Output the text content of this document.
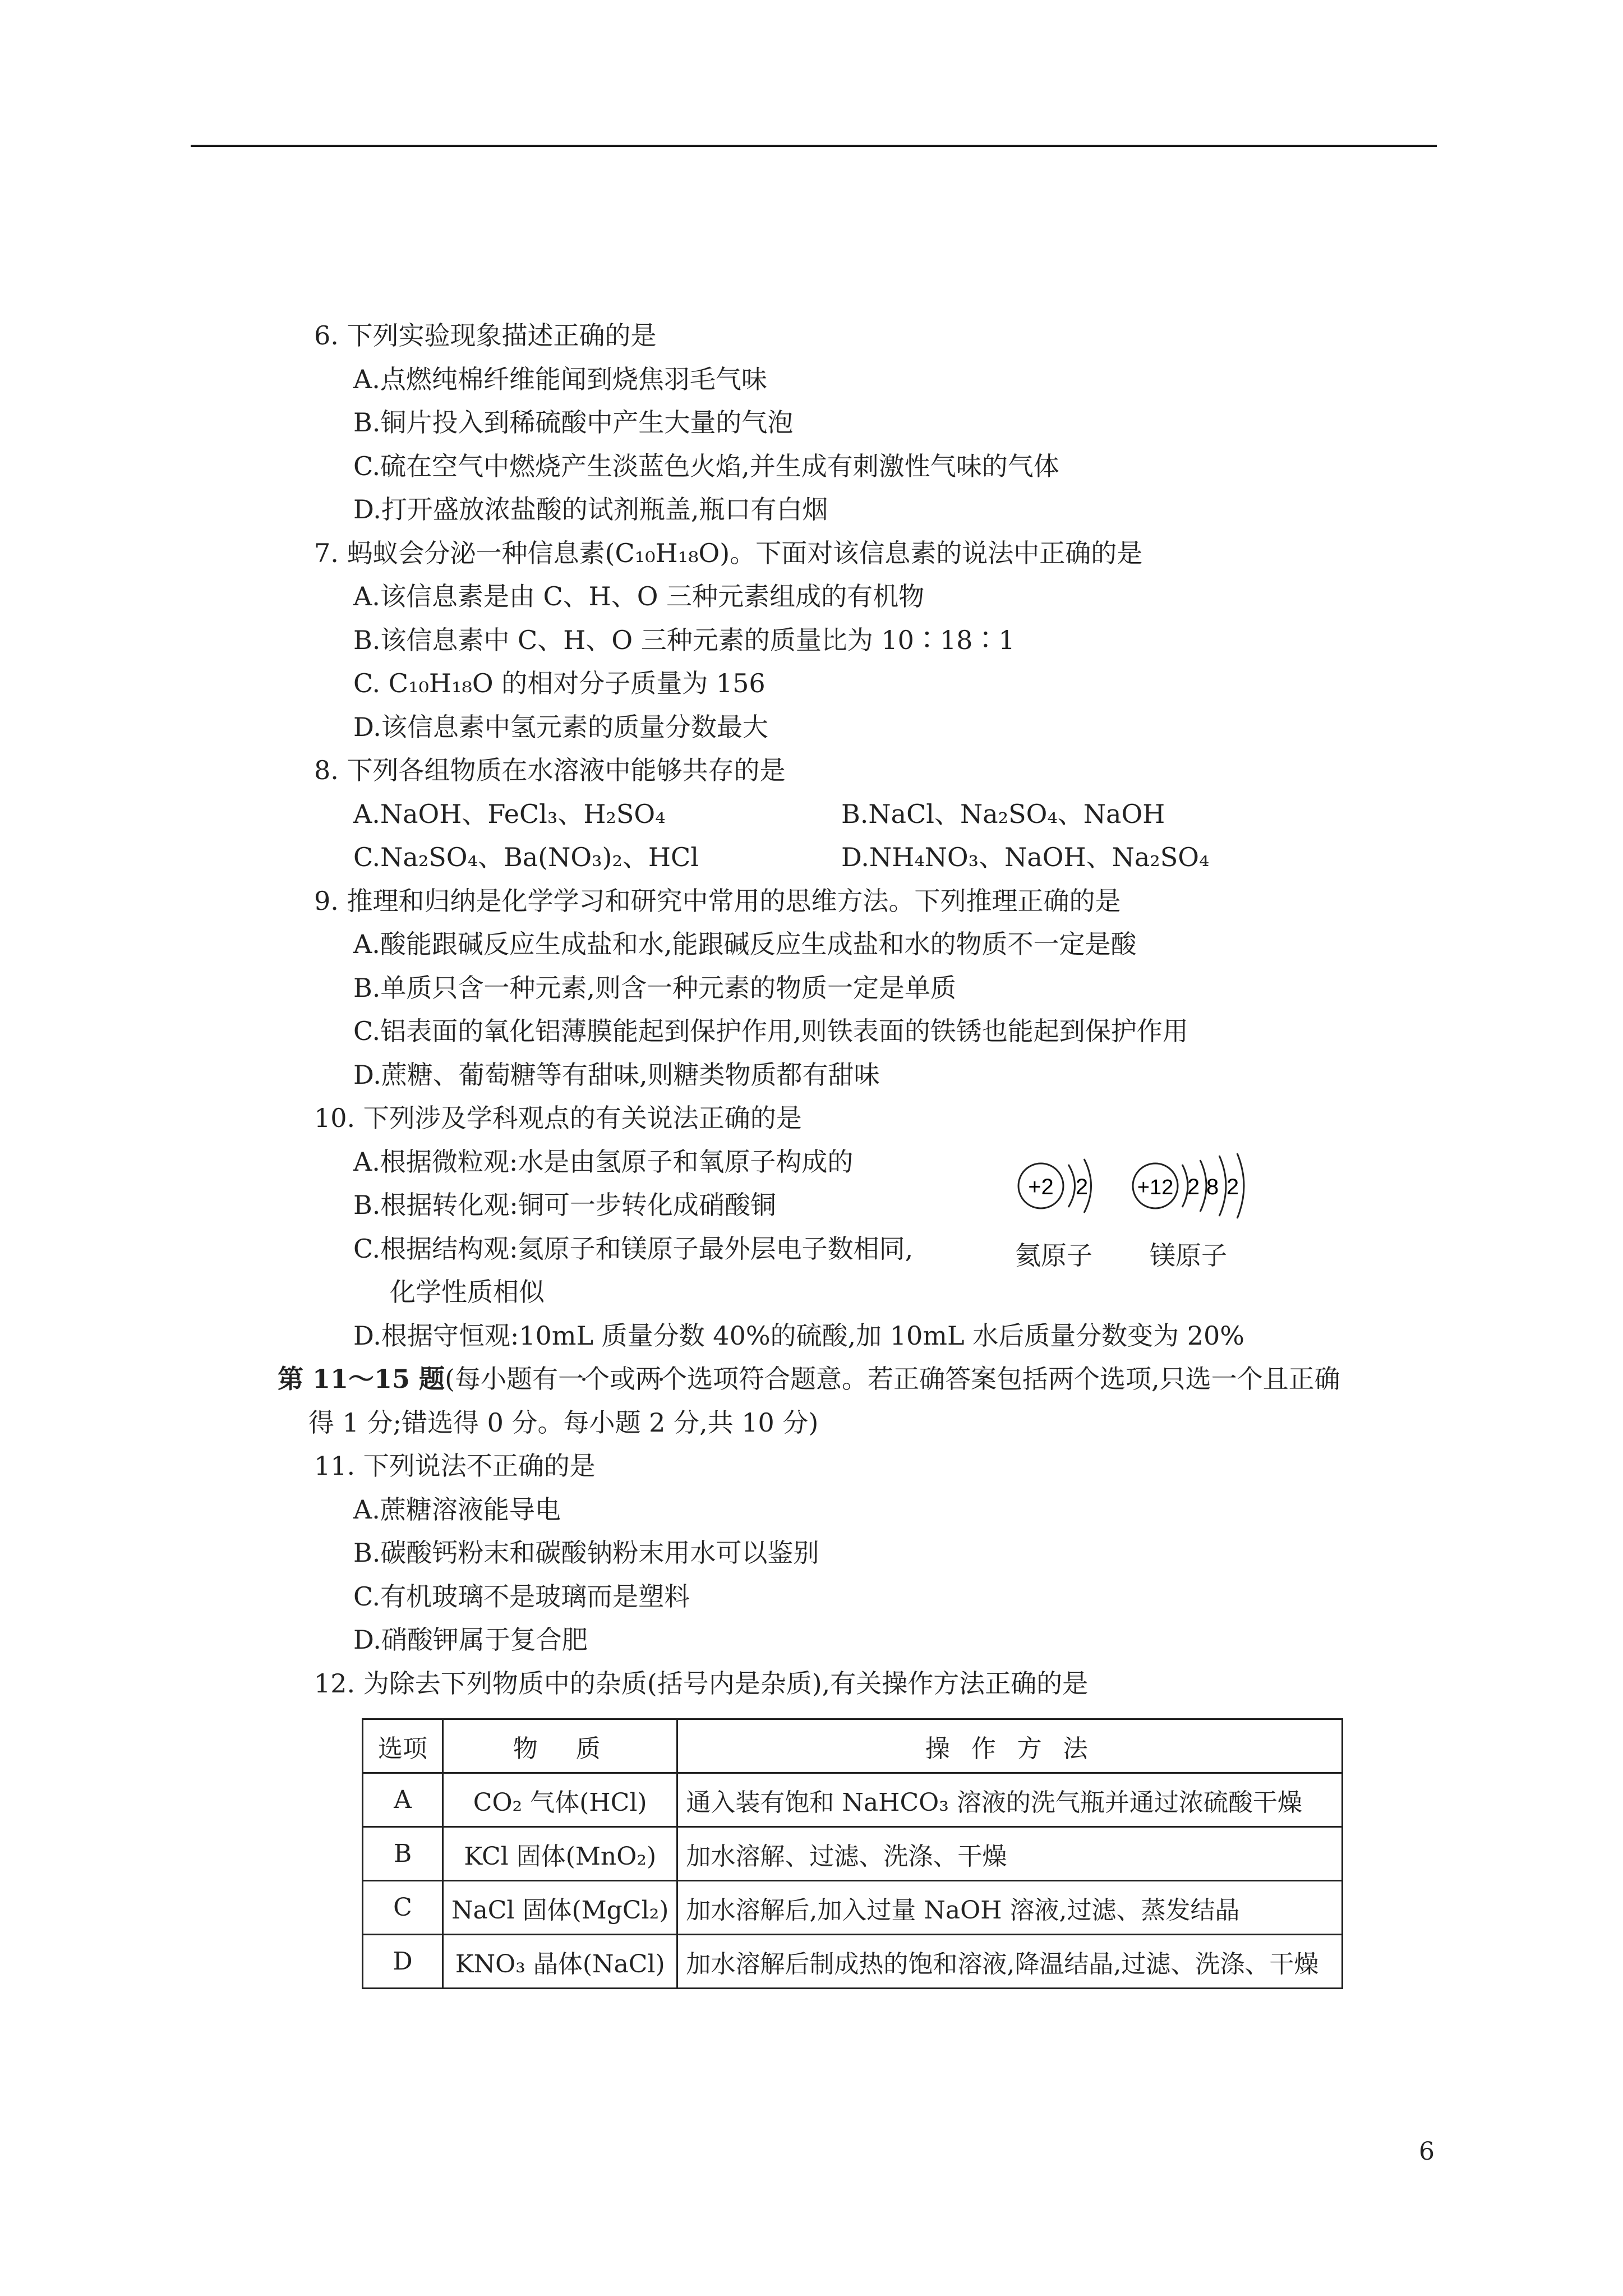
6. 下列实验现象描述正确的是
A.点燃纯棉纤维能闻到烧焦羽毛气味
B.铜片投入到稀硫酸中产生大量的气泡
C.硫在空气中燃烧产生淡蓝色火焰,并生成有刺激性气味的气体
D.打开盛放浓盐酸的试剂瓶盖,瓶口有白烟
7. 蚂蚁会分泌一种信息素(C₁₀H₁₈O)。下面对该信息素的说法中正确的是
A.该信息素是由 C、H、O 三种元素组成的有机物
B.该信息素中 C、H、O 三种元素的质量比为 10∶18∶1
C. C₁₀H₁₈O 的相对分子质量为 156
D.该信息素中氢元素的质量分数最大
8. 下列各组物质在水溶液中能够共存的是
A.NaOH、FeCl₃、H₂SO₄	B.NaCl、Na₂SO₄、NaOH
C.Na₂SO₄、Ba(NO₃)₂、HCl	D.NH₄NO₃、NaOH、Na₂SO₄
9. 推理和归纳是化学学习和研究中常用的思维方法。下列推理正确的是
A.酸能跟碱反应生成盐和水,能跟碱反应生成盐和水的物质不一定是酸
B.单质只含一种元素,则含一种元素的物质一定是单质
C.铝表面的氧化铝薄膜能起到保护作用,则铁表面的铁锈也能起到保护作用
D.蔗糖、葡萄糖等有甜味,则糖类物质都有甜味
10. 下列涉及学科观点的有关说法正确的是
A.根据微粒观:水是由氢原子和氧原子构成的
B.根据转化观:铜可一步转化成硝酸铜
C.根据结构观:氦原子和镁原子最外层电子数相同,
化学性质相似
D.根据守恒观:10mL 质量分数 40%的硫酸,加 10mL 水后质量分数变为 20%
第 11～15 题(每小题有一个 •或两个 •选项符合题意。若正确答案包括两个选项,只选一个且正确
得 1 分;错选得 0 分。每小题 2 分,共 10 分)
11. 下列说法不正确的是
A.蔗糖溶液能导电
B.碳酸钙粉末和碳酸钠粉末用水可以鉴别
C.有机玻璃不是玻璃而是塑料
D.硝酸钾属于复合肥
12. 为除去下列物质中的杂质(括号内是杂质),有关操作方法正确的是
+2 2 +12 2 8 2
氦原子 镁原子
选项	物　质	操 作 方 法
A	CO₂ 气体(HCl)	通入装有饱和 NaHCO₃ 溶液的洗气瓶并通过浓硫酸干燥
B	KCl 固体(MnO₂)	加水溶解、过滤、洗涤、干燥
C	NaCl 固体(MgCl₂)	加水溶解后,加入过量 NaOH 溶液,过滤、蒸发结晶
D	KNO₃ 晶体(NaCl)	加水溶解后制成热的饱和溶液,降温结晶,过滤、洗涤、干燥
6
